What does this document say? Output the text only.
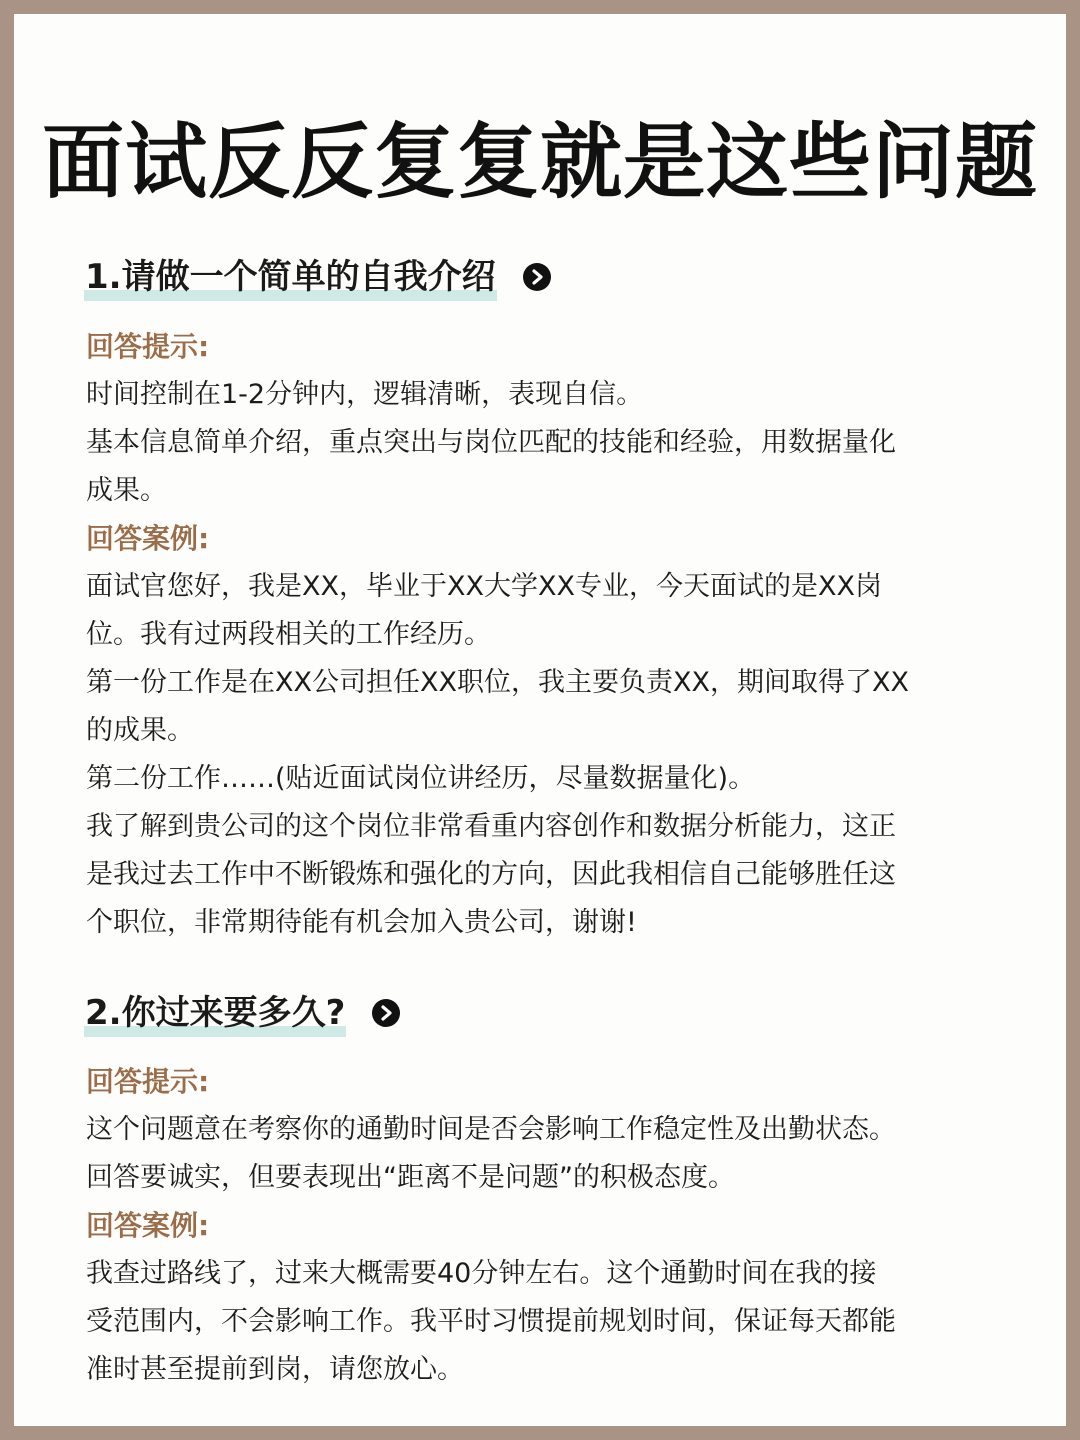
面试反反复复就是这些问题
1.请做一个简单的自我介绍
回答提示:
时间控制在1-2分钟内，逻辑清晰，表现自信。
基本信息简单介绍，重点突出与岗位匹配的技能和经验，用数据量化
成果。
回答案例:
面试官您好，我是XX，毕业于XX大学XX专业，今天面试的是XX岗
位。我有过两段相关的工作经历。
第一份工作是在XX公司担任XX职位，我主要负责XX，期间取得了XX
的成果。
第二份工作……(贴近面试岗位讲经历，尽量数据量化)。
我了解到贵公司的这个岗位非常看重内容创作和数据分析能力，这正
是我过去工作中不断锻炼和强化的方向，因此我相信自己能够胜任这
个职位，非常期待能有机会加入贵公司，谢谢!
2.你过来要多久?
回答提示:
这个问题意在考察你的通勤时间是否会影响工作稳定性及出勤状态。
回答要诚实，但要表现出“距离不是问题”的积极态度。
回答案例:
我查过路线了，过来大概需要40分钟左右。这个通勤时间在我的接
受范围内，不会影响工作。我平时习惯提前规划时间，保证每天都能
准时甚至提前到岗，请您放心。
